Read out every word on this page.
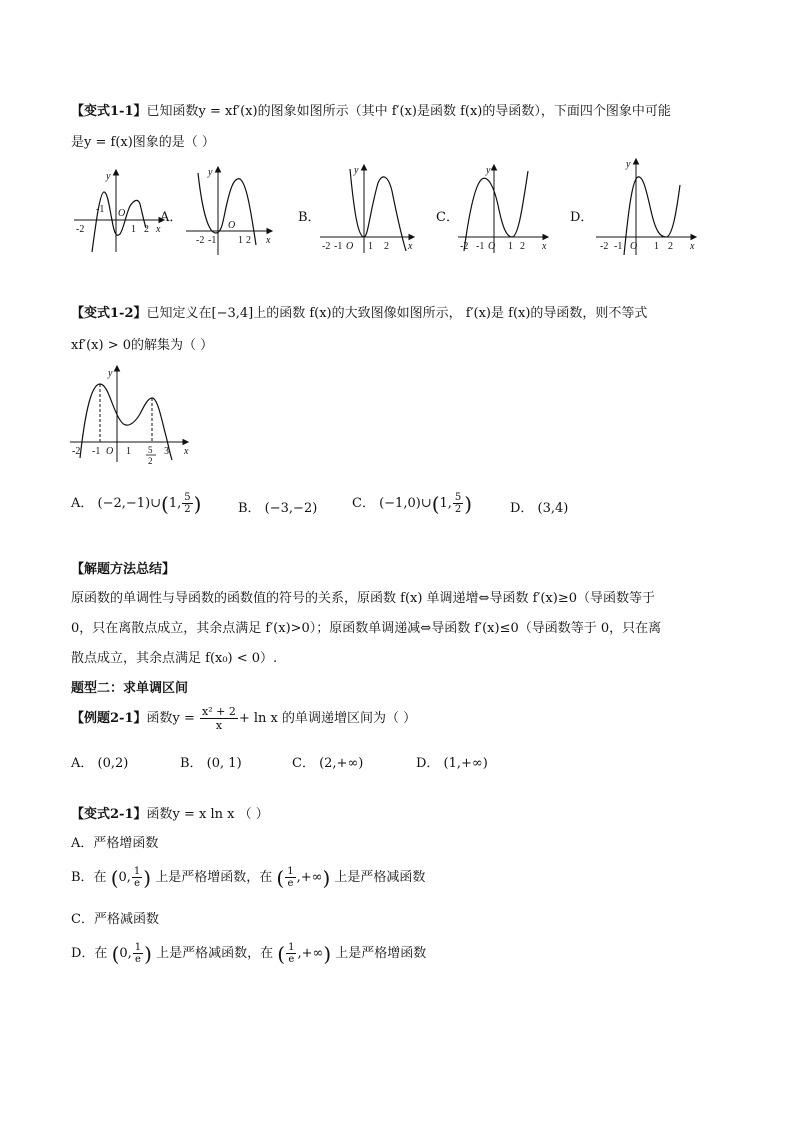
【变式1-1】已知函数y = xf′(x)的图象如图所示（其中 f′(x)是函数 f(x)的导函数），下面四个图象中可能
是y = f(x)图象的是（ ）
y
O
-2
-1
1 2 x
A．
y
O
-2 -1 1 2 x
B．
y
-2 -1 O 1 2 x
C．
y
-2 -1 O 1 2 x
D．
y
-2 -1 O 1 2 x
【变式1-2】已知定义在[−3,4]上的函数 f(x)的大致图像如图所示， f′(x)是 f(x)的导函数，则不等式
xf′(x) > 0的解集为（ ）
y
-2 -1 O 1 5
2
3 x
A． (−2,−1)∪(1, $\frac{5}{2}$ )	B． (−3,−2)	C． (−1,0)∪(1, $\frac{5}{2}$ )	D． (3,4)
【解题方法总结】
原函数的单调性与导函数的函数值的符号的关系，原函数 f(x) 单调递增⇔导函数 f′(x)≥0（导函数等于
0，只在离散点成立，其余点满足 f′(x)>0）；原函数单调递减⇔导函数 f′(x)≤0（导函数等于 0，只在离
散点成立，其余点满足 f(x₀) < 0）.
题型二：求单调区间
【例题2-1】函数$y = \frac{\text{x² + 2}}{x} + \ln x$ 的单调递增区间为（ ）
A． (0,2)	B． (0, 1)	C． (2,+∞)	D． (1,+∞)
【变式2-1】函数y = x ln x （ ）
A．严格增函数
B．在 (0, $\frac{1}{e}$ ) 上是严格增函数，在 ( $\frac{1}{e}$ ,+∞) 上是严格减函数
C．严格减函数
D．在 (0, $\frac{1}{e}$ ) 上是严格减函数，在 ( $\frac{1}{e}$ ,+∞) 上是严格增函数
